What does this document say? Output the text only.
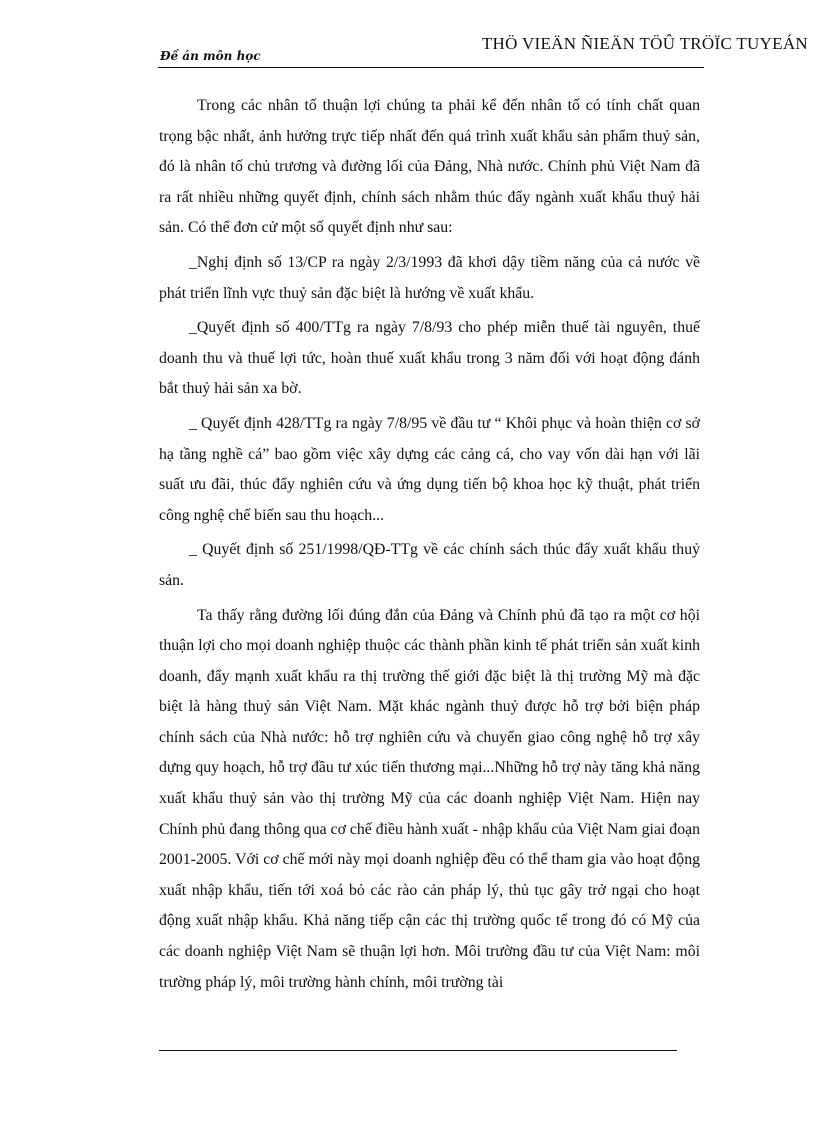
Đề án môn học
THÖ VIEÄN ÑIEÄN TÖÛ TRÖÏC TUYEÁN

Trong các nhân tố thuận lợi chúng ta phải kể đến nhân tố có tính chất quan trọng bậc nhất, ảnh hưởng trực tiếp nhất đến quá trình xuất khẩu sản phẩm thuỷ sản, đó là nhân tố chủ trương và đường lối của Đảng, Nhà nước. Chính phủ Việt Nam đã ra rất nhiều những quyết định, chính sách nhằm thúc đẩy ngành xuất khẩu thuỷ hải sản. Có thể đơn cử một số quyết định như sau:

_Nghị định số 13/CP ra ngày 2/3/1993 đã khơi dậy tiềm năng của cả nước về phát triển lĩnh vực thuỷ sản đặc biệt là hướng về xuất khẩu.

_Quyết định số 400/TTg ra ngày 7/8/93 cho phép miễn thuế tài nguyên, thuế doanh thu và thuế lợi tức, hoàn thuế xuất khẩu trong 3 năm đối với hoạt động đánh bắt thuỷ hải sản xa bờ.

_ Quyết định 428/TTg ra ngày 7/8/95 về đầu tư “ Khôi phục và hoàn thiện cơ sở hạ tầng nghề cá” bao gồm việc xây dựng các cảng cá, cho vay vốn dài hạn với lãi suất ưu đãi, thúc đẩy nghiên cứu và ứng dụng tiến bộ khoa học kỹ thuật, phát triển công nghệ chế biến sau thu hoạch...

_ Quyết định số 251/1998/QĐ-TTg về các chính sách thúc đẩy xuất khẩu thuỷ sản.

Ta thấy rằng đường lối đúng đắn của Đảng và Chính phủ đã tạo ra một cơ hội thuận lợi cho mọi doanh nghiệp thuộc các thành phần kinh tế phát triển sản xuất kinh doanh, đẩy mạnh xuất khẩu ra thị trường thế giới đặc biệt là thị trường Mỹ mà đặc biệt là hàng thuỷ sản Việt Nam. Mặt khác ngành thuỷ được hỗ trợ bởi biện pháp chính sách của Nhà nước: hỗ trợ nghiên cứu và chuyển giao công nghệ hỗ trợ xây dựng quy hoạch, hỗ trợ đầu tư xúc tiến thương mại...Những hỗ trợ này tăng khả năng xuất khẩu thuỷ sản vào thị trường Mỹ của các doanh nghiệp Việt Nam. Hiện nay Chính phủ đang thông qua cơ chế điều hành xuất - nhập khẩu của Việt Nam giai đoạn 2001-2005. Với cơ chế mới này mọi doanh nghiệp đều có thể tham gia vào hoạt động xuất nhập khẩu, tiến tới xoá bỏ các rào cản pháp lý, thủ tục gây trở ngại cho hoạt động xuất nhập khẩu. Khả năng tiếp cận các thị trường quốc tế trong đó có Mỹ của các doanh nghiệp Việt Nam sẽ thuận lợi hơn. Môi trường đầu tư của Việt Nam: môi trường pháp lý, môi trường hành chính, môi trường tài
